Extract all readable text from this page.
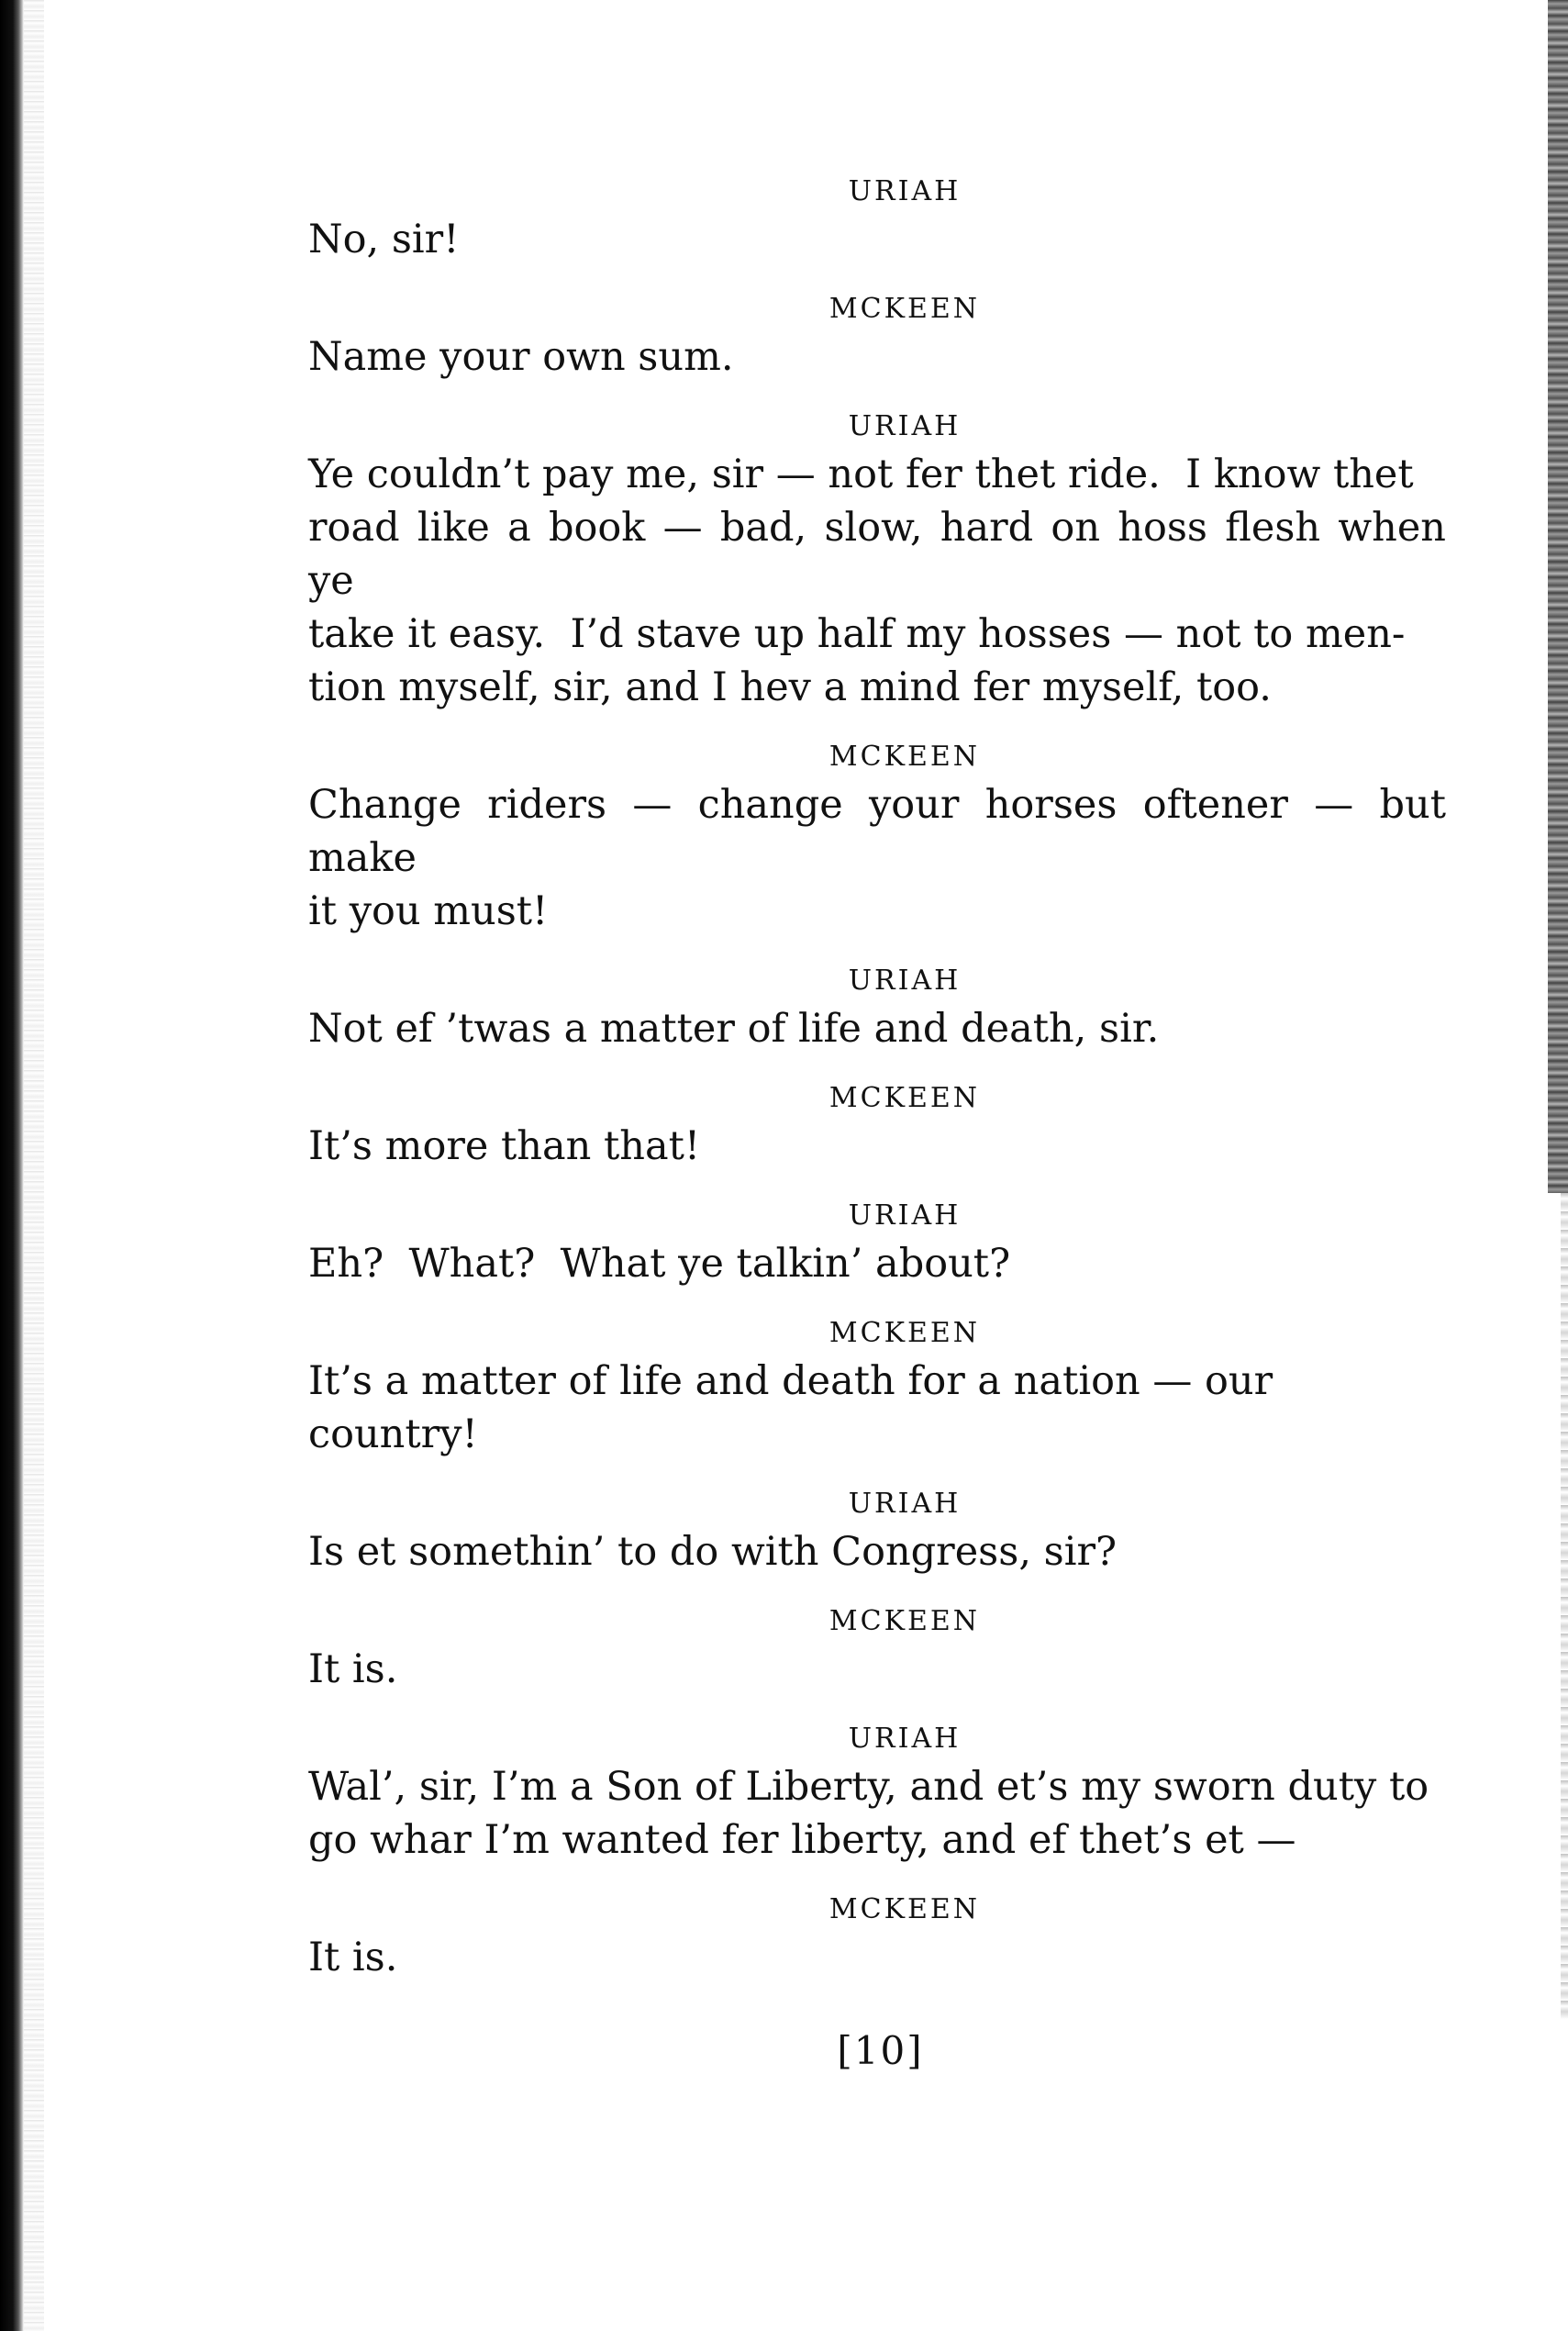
URIAH
No, sir!
MCKEEN
Name your own sum.
URIAH
Ye couldn’t pay me, sir — not fer thet ride.  I know thet
road like a book — bad, slow, hard on hoss flesh when ye
take it easy.  I’d stave up half my hosses — not to men-
tion myself, sir, and I hev a mind fer myself, too.
MCKEEN
Change riders — change your horses oftener — but make
it you must!
URIAH
Not ef ’twas a matter of life and death, sir.
MCKEEN
It’s more than that!
URIAH
Eh?  What?  What ye talkin’ about?
MCKEEN
It’s a matter of life and death for a nation — our country!
URIAH
Is et somethin’ to do with Congress, sir?
MCKEEN
It is.
URIAH
Wal’, sir, I’m a Son of Liberty, and et’s my sworn duty to
go whar I’m wanted fer liberty, and ef thet’s et —
MCKEEN
It is.
[10]
